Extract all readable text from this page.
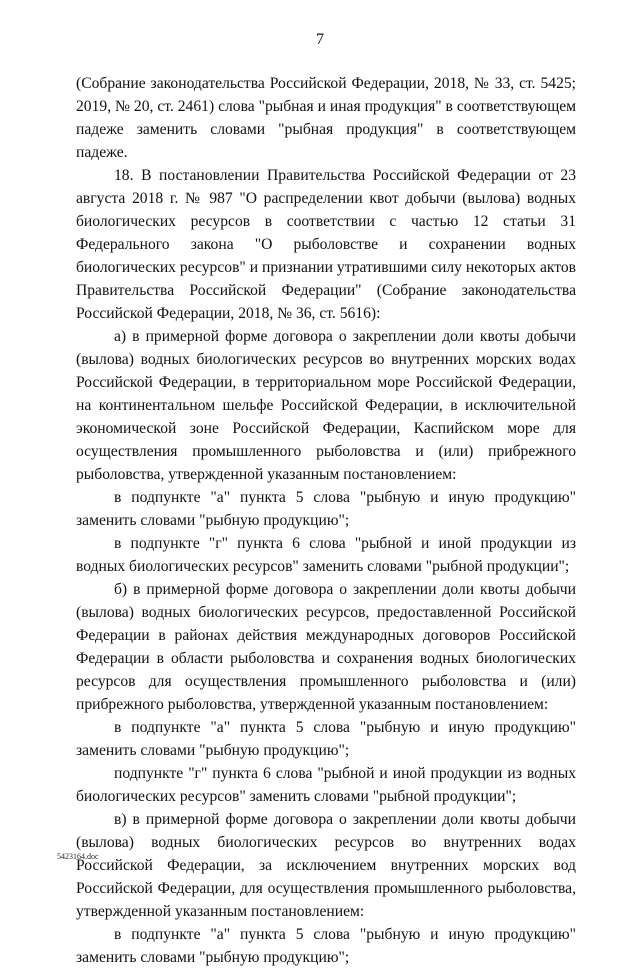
7

(Собрание законодательства Российской Федерации, 2018, № 33, ст. 5425; 2019, № 20, ст. 2461) слова "рыбная и иная продукция" в соответствующем падеже заменить словами "рыбная продукция" в соответствующем падеже.

18. В постановлении Правительства Российской Федерации от 23 августа 2018 г. № 987 "О распределении квот добычи (вылова) водных биологических ресурсов в соответствии с частью 12 статьи 31 Федерального закона "О рыболовстве и сохранении водных биологических ресурсов" и признании утратившими силу некоторых актов Правительства Российской Федерации" (Собрание законодательства Российской Федерации, 2018, № 36, ст. 5616):

а) в примерной форме договора о закреплении доли квоты добычи (вылова) водных биологических ресурсов во внутренних морских водах Российской Федерации, в территориальном море Российской Федерации, на континентальном шельфе Российской Федерации, в исключительной экономической зоне Российской Федерации, Каспийском море для осуществления промышленного рыболовства и (или) прибрежного рыболовства, утвержденной указанным постановлением:

в подпункте "а" пункта 5 слова "рыбную и иную продукцию" заменить словами "рыбную продукцию";

в подпункте "г" пункта 6 слова "рыбной и иной продукции из водных биологических ресурсов" заменить словами "рыбной продукции";

б) в примерной форме договора о закреплении доли квоты добычи (вылова) водных биологических ресурсов, предоставленной Российской Федерации в районах действия международных договоров Российской Федерации в области рыболовства и сохранения водных биологических ресурсов для осуществления промышленного рыболовства и (или) прибрежного рыболовства, утвержденной указанным постановлением:

в подпункте "а" пункта 5 слова "рыбную и иную продукцию" заменить словами "рыбную продукцию";

подпункте "г" пункта 6 слова "рыбной и иной продукции из водных биологических ресурсов" заменить словами "рыбной продукции";

в) в примерной форме договора о закреплении доли квоты добычи (вылова) водных биологических ресурсов во внутренних водах Российской Федерации, за исключением внутренних морских вод Российской Федерации, для осуществления промышленного рыболовства, утвержденной указанным постановлением:

в подпункте "а" пункта 5 слова "рыбную и иную продукцию" заменить словами "рыбную продукцию";

5423164.doc
